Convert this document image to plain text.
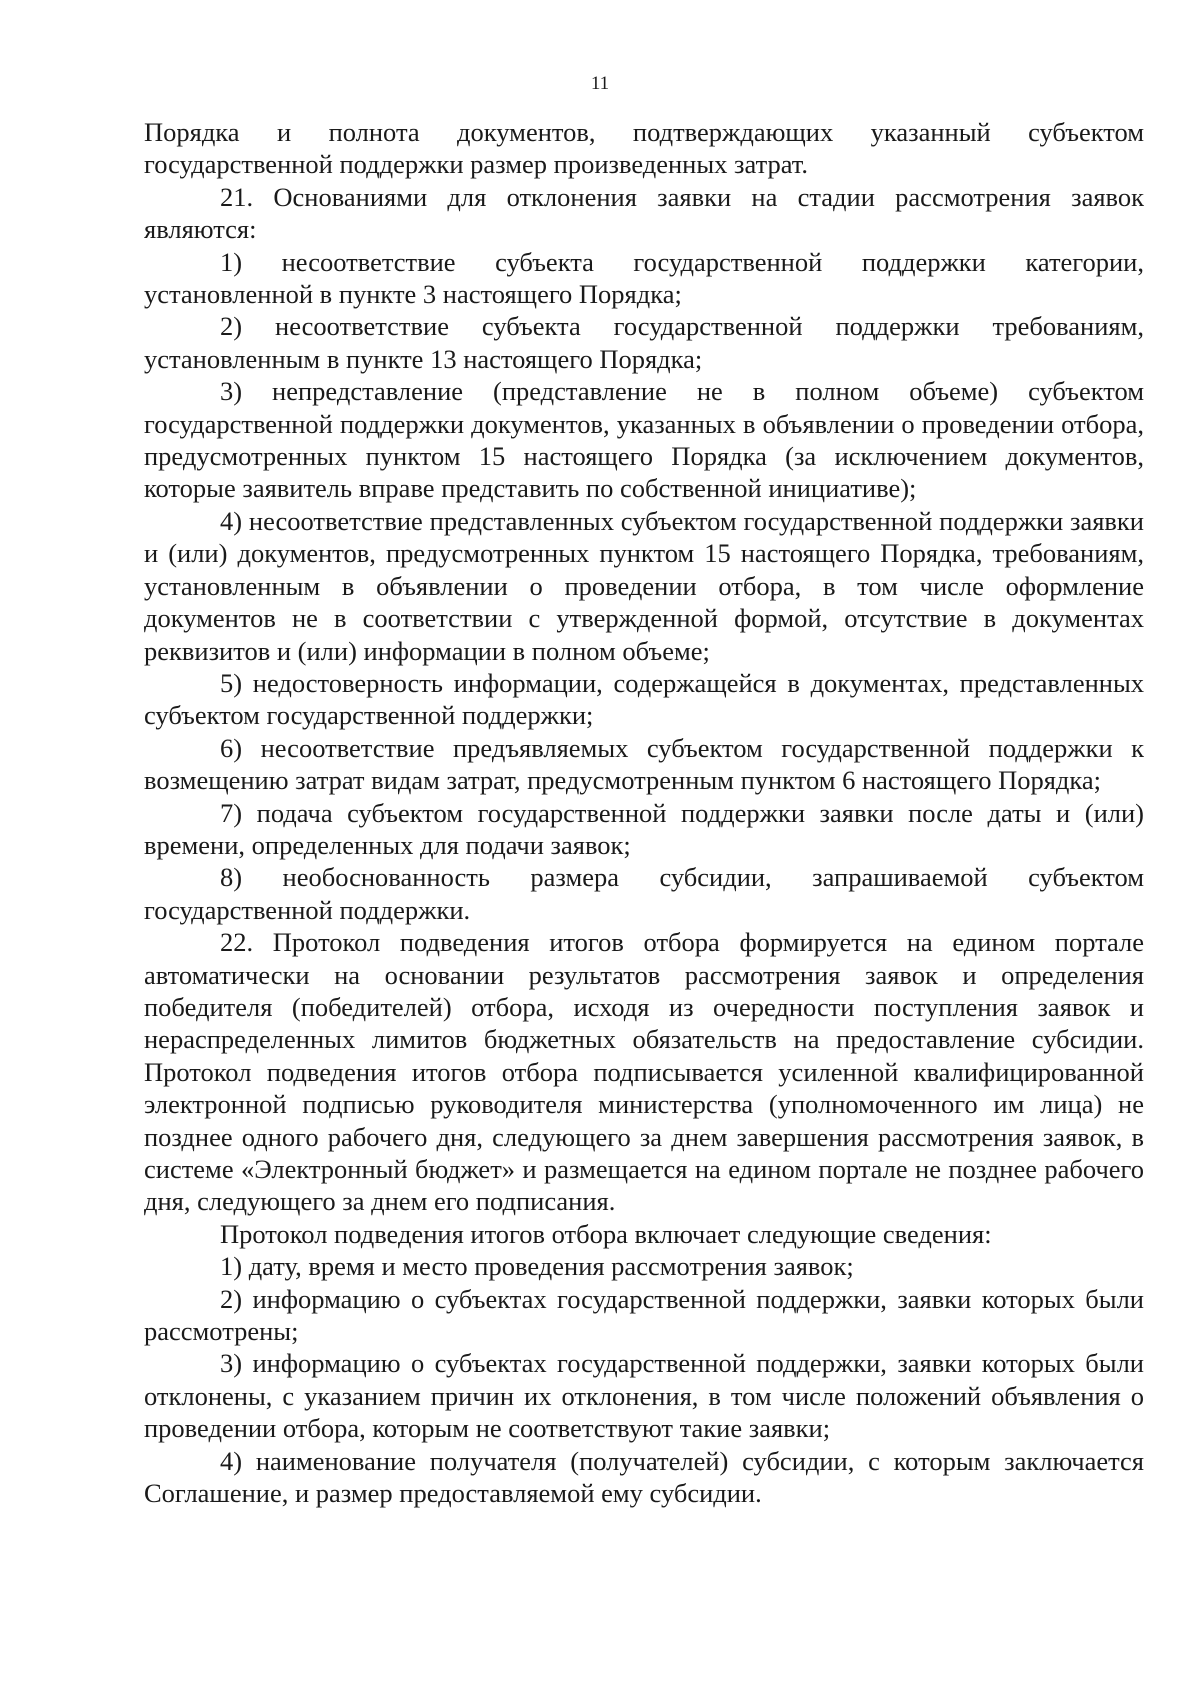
11

Порядка и полнота документов, подтверждающих указанный субъектом государственной поддержки размер произведенных затрат.

21. Основаниями для отклонения заявки на стадии рассмотрения заявок являются:

1) несоответствие субъекта государственной поддержки категории, установленной в пункте 3 настоящего Порядка;

2) несоответствие субъекта государственной поддержки требованиям, установленным в пункте 13 настоящего Порядка;

3) непредставление (представление не в полном объеме) субъектом государственной поддержки документов, указанных в объявлении о проведении отбора, предусмотренных пунктом 15 настоящего Порядка (за исключением документов, которые заявитель вправе представить по собственной инициативе);

4) несоответствие представленных субъектом государственной поддержки заявки и (или) документов, предусмотренных пунктом 15 настоящего Порядка, требованиям, установленным в объявлении о проведении отбора, в том числе оформление документов не в соответствии с утвержденной формой, отсутствие в документах реквизитов и (или) информации в полном объеме;

5) недостоверность информации, содержащейся в документах, представленных субъектом государственной поддержки;

6) несоответствие предъявляемых субъектом государственной поддержки к возмещению затрат видам затрат, предусмотренным пунктом 6 настоящего Порядка;

7) подача субъектом государственной поддержки заявки после даты и (или) времени, определенных для подачи заявок;

8) необоснованность размера субсидии, запрашиваемой субъектом государственной поддержки.

22. Протокол подведения итогов отбора формируется на едином портале автоматически на основании результатов рассмотрения заявок и определения победителя (победителей) отбора, исходя из очередности поступления заявок и нераспределенных лимитов бюджетных обязательств на предоставление субсидии. Протокол подведения итогов отбора подписывается усиленной квалифицированной электронной подписью руководителя министерства (уполномоченного им лица) не позднее одного рабочего дня, следующего за днем завершения рассмотрения заявок, в системе «Электронный бюджет» и размещается на едином портале не позднее рабочего дня, следующего за днем его подписания.

Протокол подведения итогов отбора включает следующие сведения:

1) дату, время и место проведения рассмотрения заявок;

2) информацию о субъектах государственной поддержки, заявки которых были рассмотрены;

3) информацию о субъектах государственной поддержки, заявки которых были отклонены, с указанием причин их отклонения, в том числе положений объявления о проведении отбора, которым не соответствуют такие заявки;

4) наименование получателя (получателей) субсидии, с которым заключается Соглашение, и размер предоставляемой ему субсидии.
